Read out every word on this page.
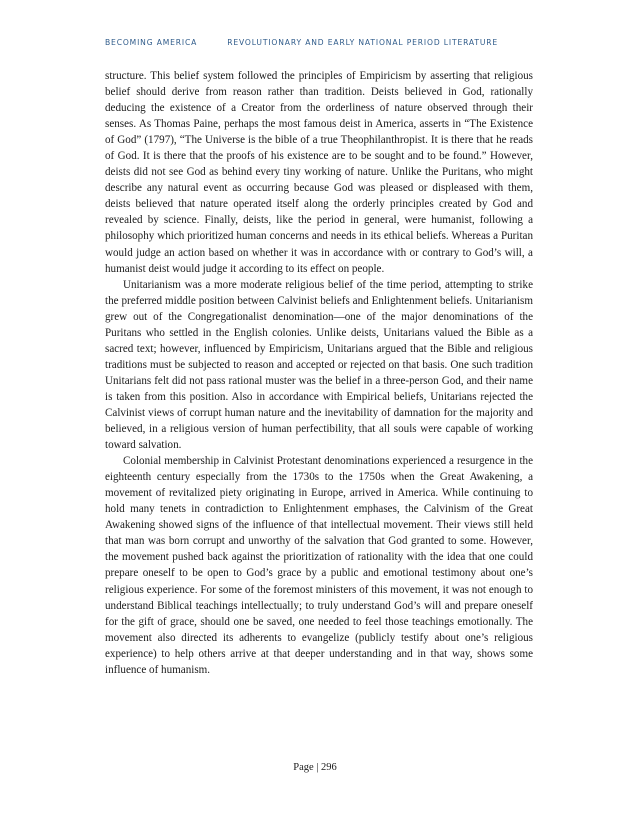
BECOMING AMERICA	REVOLUTIONARY AND EARLY NATIONAL PERIOD LITERATURE

structure. This belief system followed the principles of Empiricism by asserting that religious belief should derive from reason rather than tradition. Deists believed in God, rationally deducing the existence of a Creator from the orderliness of nature observed through their senses. As Thomas Paine, perhaps the most famous deist in America, asserts in “The Existence of God” (1797), “The Universe is the bible of a true Theophilanthropist. It is there that he reads of God. It is there that the proofs of his existence are to be sought and to be found.” However, deists did not see God as behind every tiny working of nature. Unlike the Puritans, who might describe any natural event as occurring because God was pleased or displeased with them, deists believed that nature operated itself along the orderly principles created by God and revealed by science. Finally, deists, like the period in general, were humanist, following a philosophy which prioritized human concerns and needs in its ethical beliefs. Whereas a Puritan would judge an action based on whether it was in accordance with or contrary to God’s will, a humanist deist would judge it according to its effect on people.

Unitarianism was a more moderate religious belief of the time period, attempting to strike the preferred middle position between Calvinist beliefs and Enlightenment beliefs. Unitarianism grew out of the Congregationalist denomination—one of the major denominations of the Puritans who settled in the English colonies. Unlike deists, Unitarians valued the Bible as a sacred text; however, influenced by Empiricism, Unitarians argued that the Bible and religious traditions must be subjected to reason and accepted or rejected on that basis. One such tradition Unitarians felt did not pass rational muster was the belief in a three-person God, and their name is taken from this position. Also in accordance with Empirical beliefs, Unitarians rejected the Calvinist views of corrupt human nature and the inevitability of damnation for the majority and believed, in a religious version of human perfectibility, that all souls were capable of working toward salvation.

Colonial membership in Calvinist Protestant denominations experienced a resurgence in the eighteenth century especially from the 1730s to the 1750s when the Great Awakening, a movement of revitalized piety originating in Europe, arrived in America. While continuing to hold many tenets in contradiction to Enlightenment emphases, the Calvinism of the Great Awakening showed signs of the influence of that intellectual movement. Their views still held that man was born corrupt and unworthy of the salvation that God granted to some. However, the movement pushed back against the prioritization of rationality with the idea that one could prepare oneself to be open to God’s grace by a public and emotional testimony about one’s religious experience. For some of the foremost ministers of this movement, it was not enough to understand Biblical teachings intellectually; to truly understand God’s will and prepare oneself for the gift of grace, should one be saved, one needed to feel those teachings emotionally. The movement also directed its adherents to evangelize (publicly testify about one’s religious experience) to help others arrive at that deeper understanding and in that way, shows some influence of humanism.

Page | 296
